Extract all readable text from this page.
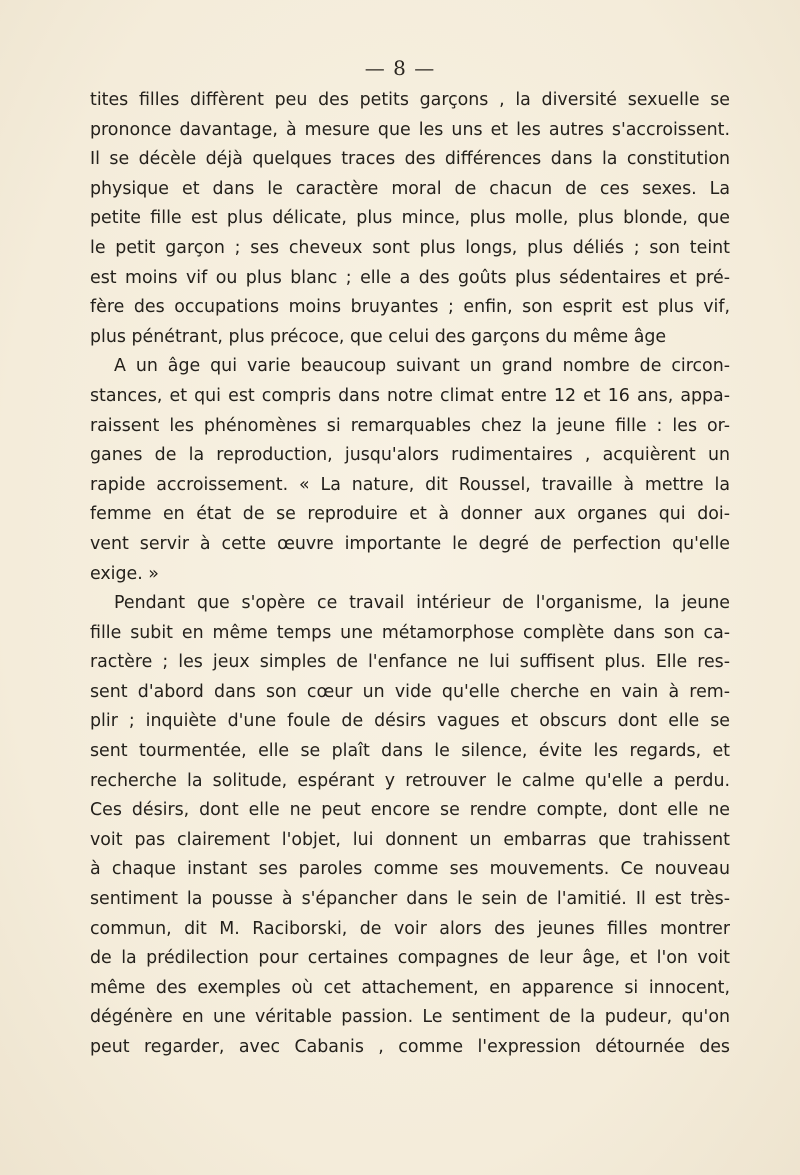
— 8 —
tites filles diffèrent peu des petits garçons , la diversité sexuelle se
prononce davantage, à mesure que les uns et les autres s'accroissent.
Il se décèle déjà quelques traces des différences dans la constitution
physique et dans le caractère moral de chacun de ces sexes. La
petite fille est plus délicate, plus mince, plus molle, plus blonde, que
le petit garçon ; ses cheveux sont plus longs, plus déliés ; son teint
est moins vif ou plus blanc ; elle a des goûts plus sédentaires et pré-
fère des occupations moins bruyantes ; enfin, son esprit est plus vif,
plus pénétrant, plus précoce, que celui des garçons du même âge
A un âge qui varie beaucoup suivant un grand nombre de circon-
stances, et qui est compris dans notre climat entre 12 et 16 ans, appa-
raissent les phénomènes si remarquables chez la jeune fille : les or-
ganes de la reproduction, jusqu'alors rudimentaires , acquièrent un
rapide accroissement. « La nature, dit Roussel, travaille à mettre la
femme en état de se reproduire et à donner aux organes qui doi-
vent servir à cette œuvre importante le degré de perfection qu'elle
exige. »
Pendant que s'opère ce travail intérieur de l'organisme, la jeune
fille subit en même temps une métamorphose complète dans son ca-
ractère ; les jeux simples de l'enfance ne lui suffisent plus. Elle res-
sent d'abord dans son cœur un vide qu'elle cherche en vain à rem-
plir ; inquiète d'une foule de désirs vagues et obscurs dont elle se
sent tourmentée, elle se plaît dans le silence, évite les regards, et
recherche la solitude, espérant y retrouver le calme qu'elle a perdu.
Ces désirs, dont elle ne peut encore se rendre compte, dont elle ne
voit pas clairement l'objet, lui donnent un embarras que trahissent
à chaque instant ses paroles comme ses mouvements. Ce nouveau
sentiment la pousse à s'épancher dans le sein de l'amitié. Il est très-
commun, dit M. Raciborski, de voir alors des jeunes filles montrer
de la prédilection pour certaines compagnes de leur âge, et l'on voit
même des exemples où cet attachement, en apparence si innocent,
dégénère en une véritable passion. Le sentiment de la pudeur, qu'on
peut regarder, avec Cabanis , comme l'expression détournée des
